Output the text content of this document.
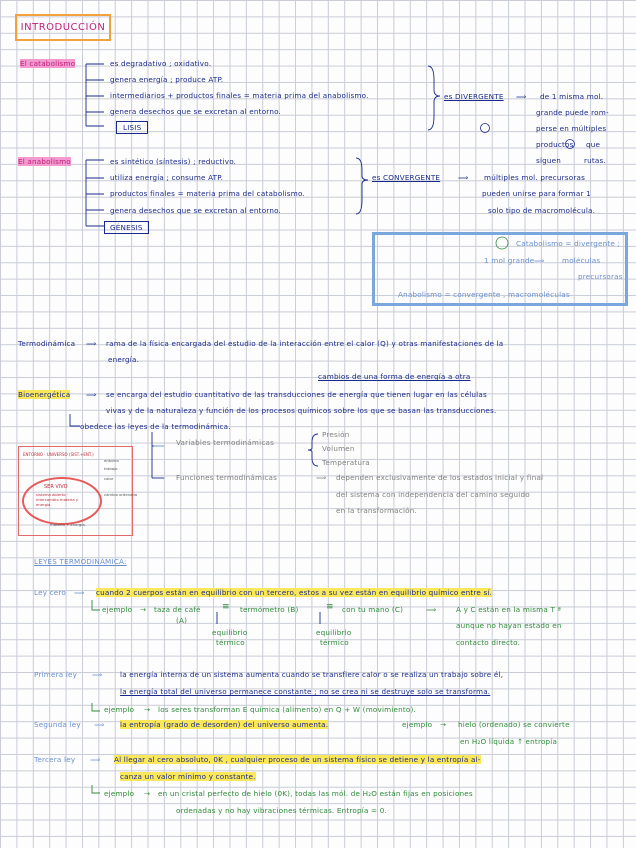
INTRODUCCIÓN
El catabolismo	es degradativo ; oxidativo.
genera energía ; produce ATP.
intermediarios + productos finales = materia prima del anabolismo.
genera desechos que se excretan al entorno.
LISIS
es DIVERGENTE ⟹ de 1 misma mol.
grande puede rom-
perse en múltiples
productos que
siguen	rutas.
El anabolismo	es sintético (síntesis) ; reductivo.
utiliza energía ; consume ATP.
productos finales = materia prima del catabolismo.
genera desechos que se excretan al entorno.
GÉNESIS
es CONVERGENTE ⟹ múltiples mol. precursoras
pueden unirse para formar 1
solo tipo de macromolécula.
Catabolismo = divergente ;
1 mol grande ⟹ moléculas
precursoras
Anabolismo = convergente , macromoléculas
Termodinámica ⟹ rama de la física encargada del estudio de la interacción entre el calor (Q) y otras manifestaciones de la
energía.
cambios de una forma de energía a otra
Bioenergética ⟹ se encarga del estudio cuantitativo de las transducciones de energía que tienen lugar en las células
vivas y de la naturaleza y función de los procesos químicos sobre los que se basan las transducciones.
obedece las leyes de la termodinámica.
Variables termodinámicas
Presión
Volumen
Temperatura
Funciones termodinámicas	⟹ dependen exclusivamente de los estados inicial y final
del sistema con independencia del camino seguido
en la transformación.
ENTORNO · UNIVERSO (SIST.+ENT.)
SER VIVO
sistema abierto · intercambio materia y energía
entorno
trabajo
calor
cambio ordenado
materia + energía
LEYES TERMODINÁMICA:
Ley cero ⟹ cuando 2 cuerpos están en equilibrio con un tercero, estos a su vez están en equilibrio químico entre sí.
ejemplo → taza de café
(A)
≡ termómetro (B)	≡ con tu mano (C)	⟹	A y C están en la misma T ª
aunque no hayan estado en
contacto directo.
equilibrio
térmico
equilibrio
térmico
Primera ley ⟹ la energía interna de un sistema aumenta cuando se transfiere calor o se realiza un trabajo sobre él,
la energía total del universo permanece constante ; no se crea ni se destruye solo se transforma.
ejemplo → los seres transforman E química (alimento) en Q + W (movimiento).
Segunda ley ⟹ la entropía (grado de desorden) del universo aumenta.	ejemplo → hielo (ordenado) se convierte
en H₂O líquida ↑ entropía
Tercera ley ⟹ Al llegar al cero absoluto, 0K , cualquier proceso de un sistema físico se detiene y la entropía al-
canza un valor mínimo y constante.
ejemplo → en un cristal perfecto de hielo (0K), todas las mól. de H₂O están fijas en posiciones
ordenadas y no hay vibraciones térmicas. Entropía = 0.
